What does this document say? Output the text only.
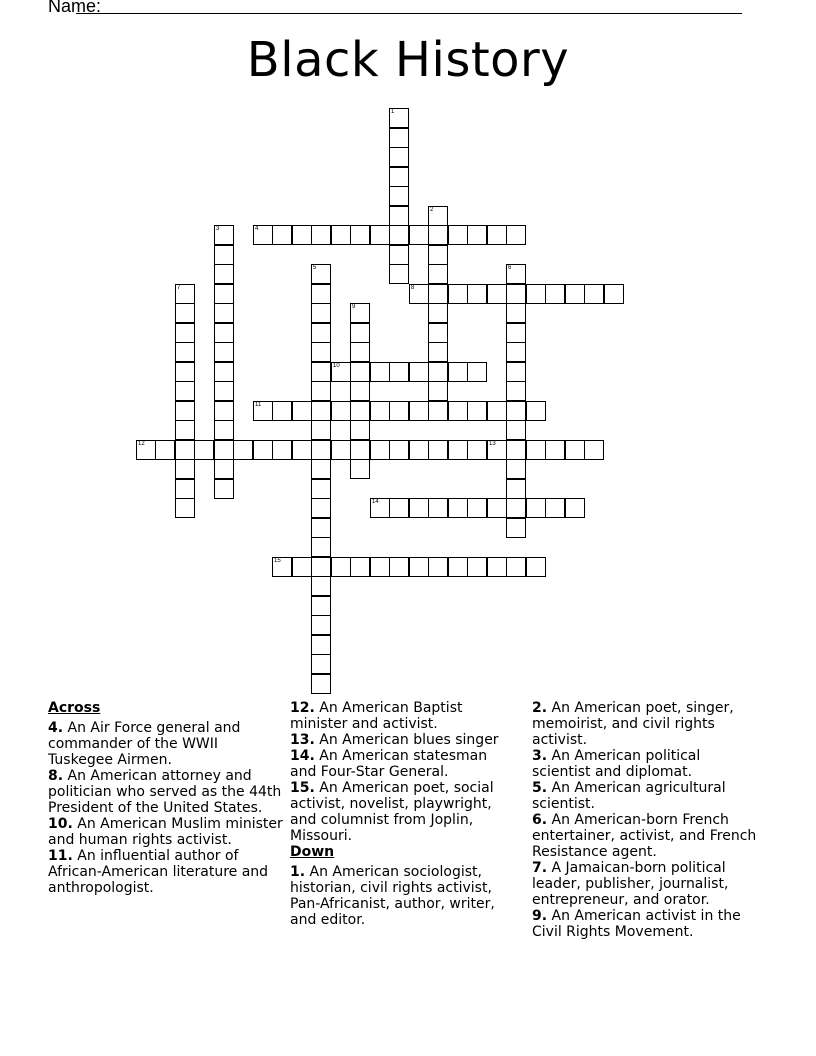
Name:
Black History
1
2
3	4
5	6
7	8
9
10
11
12	13
14
15
Across

4. An Air Force general and commander of the WWII Tuskegee Airmen.

8. An American attorney and politician who served as the 44th President of the United States.

10. An American Muslim minister and human rights activist.

11. An influential author of African-American literature and anthropologist.

12. An American Baptist minister and activist.

13. An American blues singer

14. An American statesman and Four-Star General.

15. An American poet, social activist, novelist, playwright, and columnist from Joplin, Missouri.

Down

1. An American sociologist, historian, civil rights activist, Pan-Africanist, author, writer, and editor.

2. An American poet, singer, memoirist, and civil rights activist.

3. An American political scientist and diplomat.

5. An American agricultural scientist.

6. An American-born French entertainer, activist, and French Resistance agent.

7. A Jamaican-born political leader, publisher, journalist, entrepreneur, and orator.

9. An American activist in the Civil Rights Movement.
